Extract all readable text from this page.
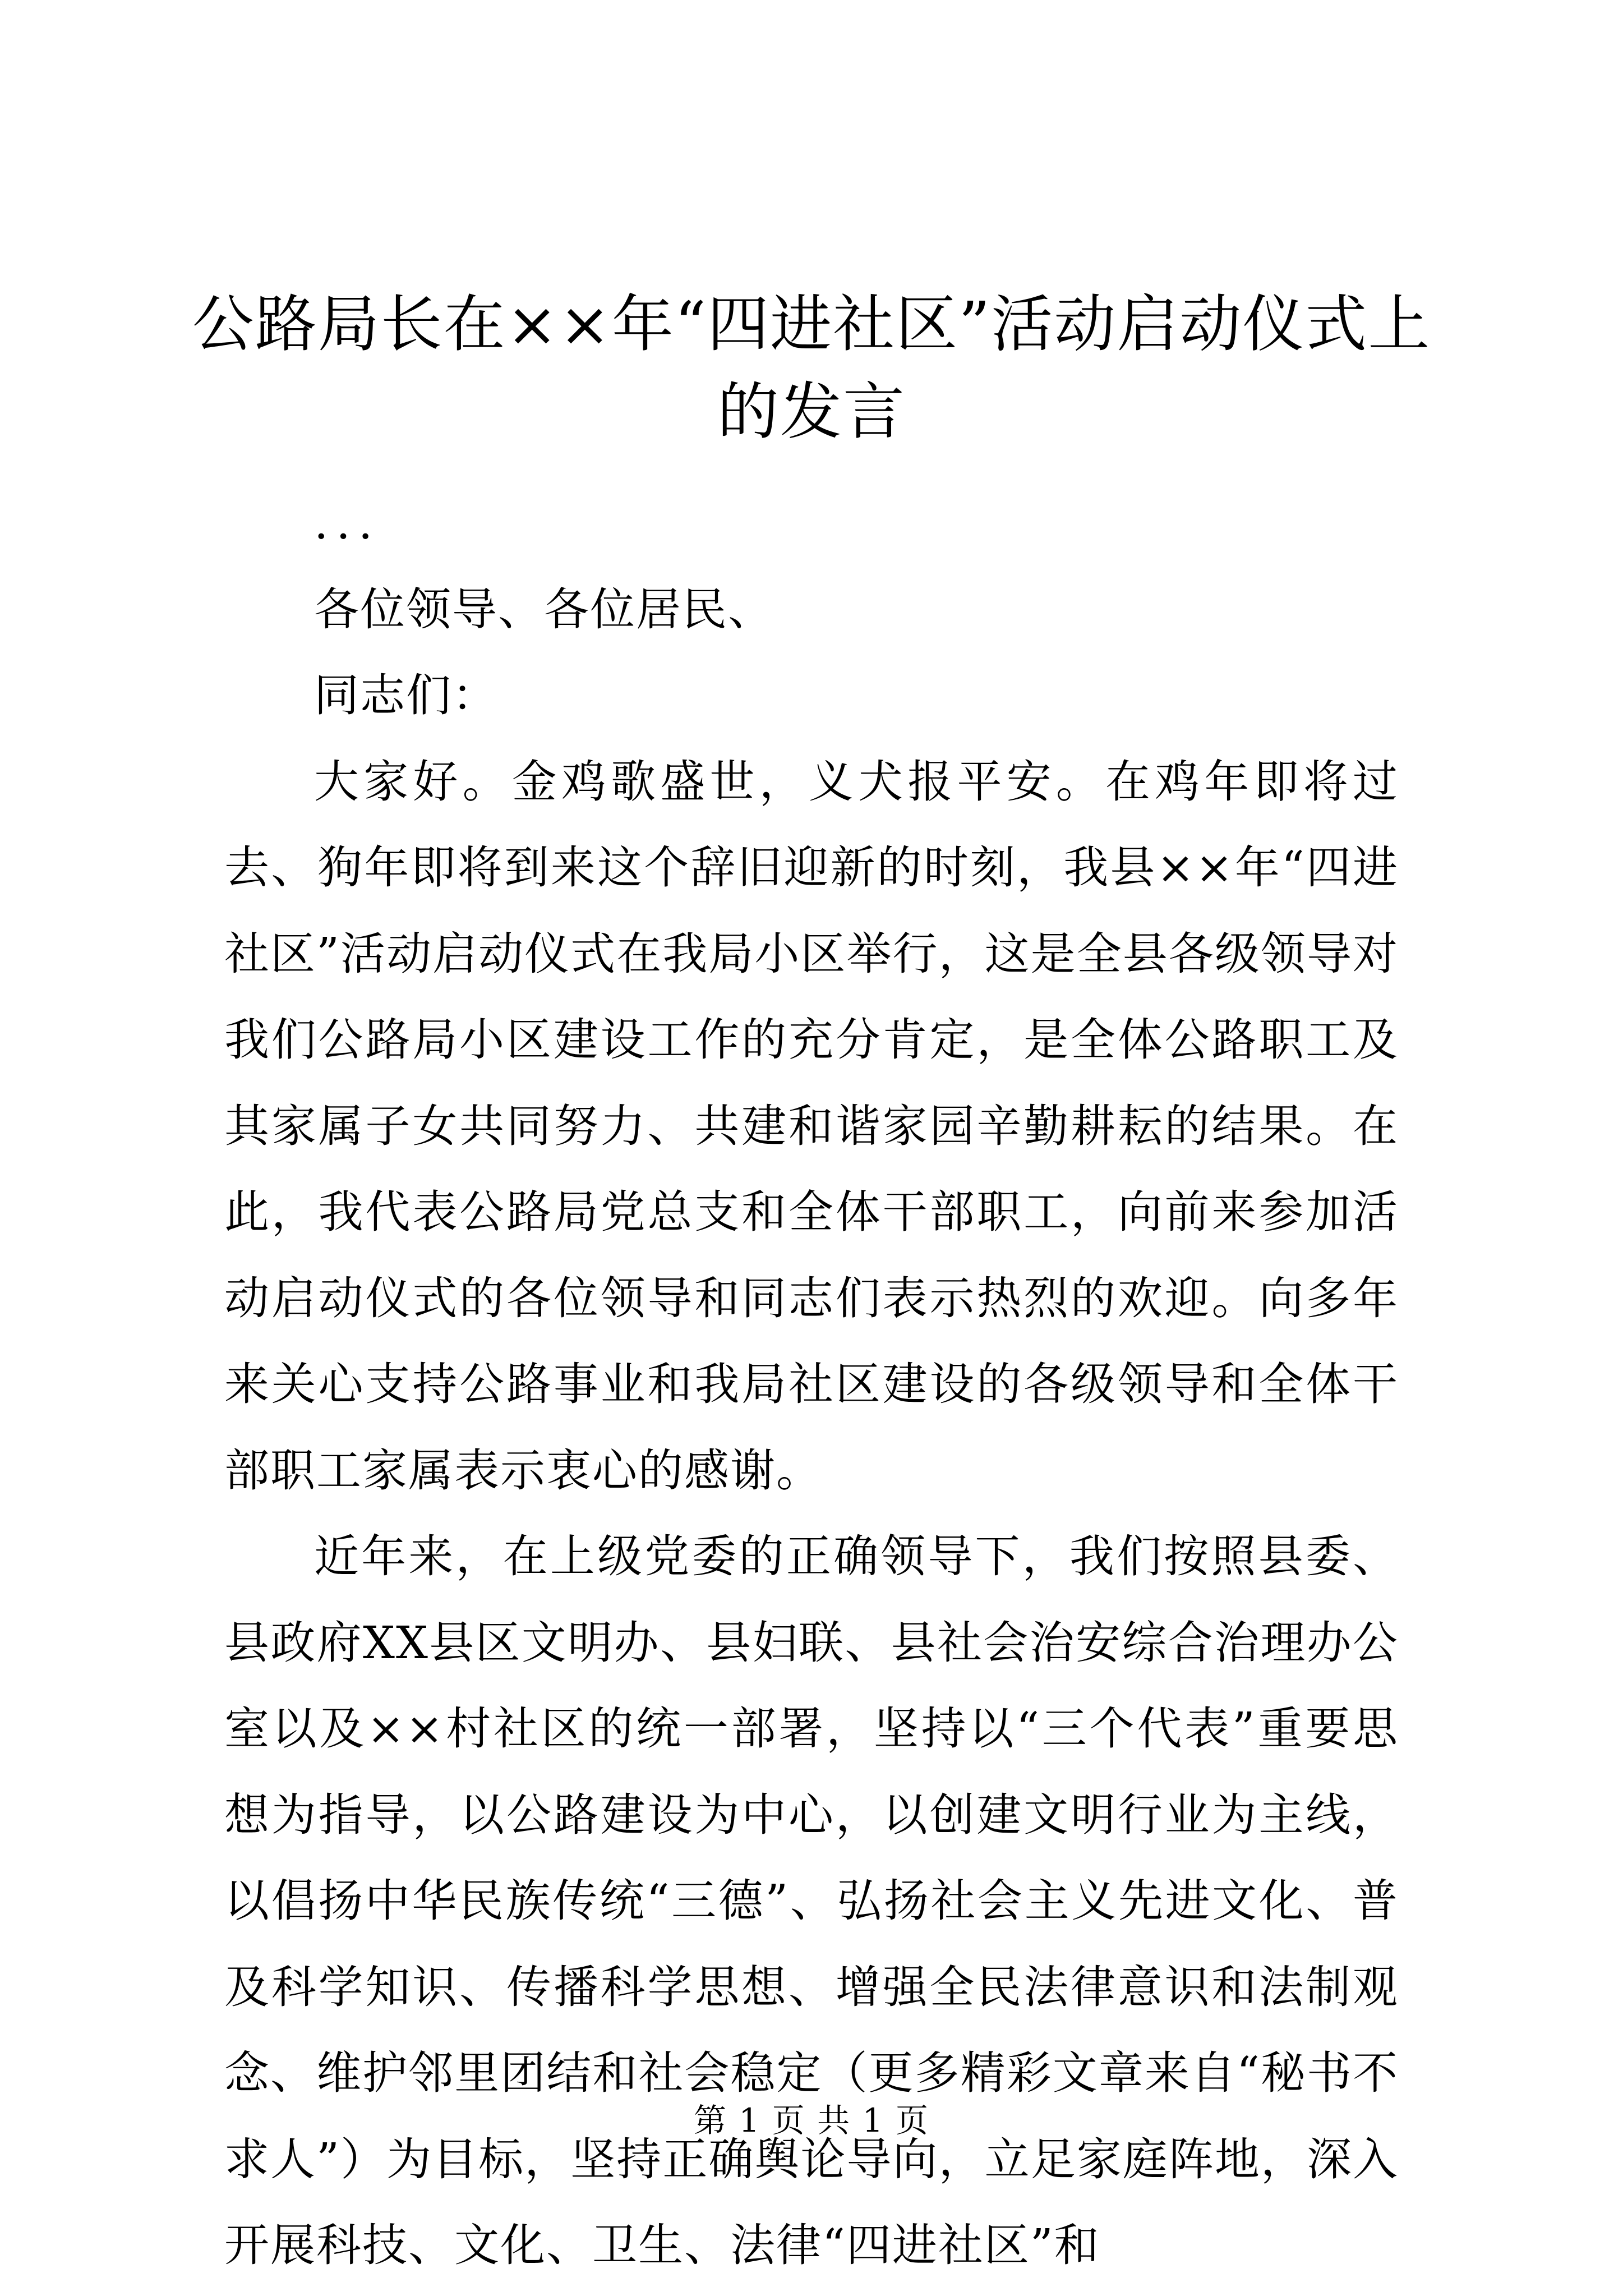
公路局长在××年“四进社区”活动启动仪式上的发言

...

各位领导、各位居民、

同志们：

大家好。金鸡歌盛世，义犬报平安。在鸡年即将过去、狗年即将到来这个辞旧迎新的时刻，我县××年“四进社区”活动启动仪式在我局小区举行，这是全县各级领导对我们公路局小区建设工作的充分肯定，是全体公路职工及其家属子女共同努力、共建和谐家园辛勤耕耘的结果。在此，我代表公路局党总支和全体干部职工，向前来参加活动启动仪式的各位领导和同志们表示热烈的欢迎。向多年来关心支持公路事业和我局社区建设的各级领导和全体干部职工家属表示衷心的感谢。

近年来，在上级党委的正确领导下，我们按照县委、县政府XX县区文明办、县妇联、县社会治安综合治理办公室以及××村社区的统一部署，坚持以“三个代表”重要思想为指导，以公路建设为中心，以创建文明行业为主线，以倡扬中华民族传统“三德”、弘扬社会主义先进文化、普及科学知识、传播科学思想、增强全民法律意识和法制观念、维护邻里团结和社会稳定（更多精彩文章来自“秘书不求人”）为目标，坚持正确舆论导向，立足家庭阵地，深入开展科技、文化、卫生、法律“四进社区”和

第 1 页 共 1 页
